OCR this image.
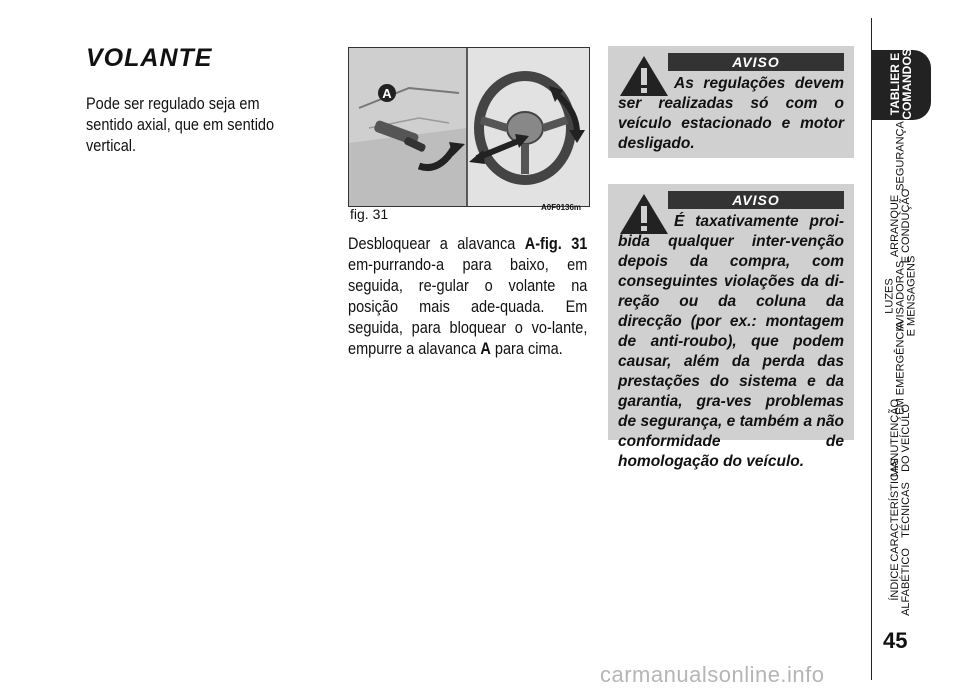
VOLANTE
Pode ser regulado seja em sentido axial, que em sentido vertical.
A
fig. 31	A0F0136m
Desbloquear a alavanca A-fig. 31 em-purrando-a para baixo, em seguida, re-gular o volante na posição mais ade-quada. Em seguida, para bloquear o vo-lante, empurre a alavanca A para cima.
AVISO
As regulações devem ser realizadas só com o veículo estacionado e motor desligado.
AVISO
É taxativamente proi-bida qualquer inter-venção depois da compra, com conseguintes violações da di-reção ou da coluna da direcção (por ex.: montagem de anti-roubo), que podem causar, além da perda das prestações do sistema e da garantia, gra-ves problemas de segurança, e também a não conformidade de homologação do veículo.
TABLIER E
COMANDOS
SEGURANÇA
ARRANQUE
E CONDUÇÃO
LUZES
AVISADORAS
E MENSAGENS
EM EMERGÊNCIA
MANUTENÇÃO
DO VEÍCULO
CARACTERÍSTICAS
TÉCNICAS
ÍNDICE
ALFABÉTICO
45
carmanualsonline.info
